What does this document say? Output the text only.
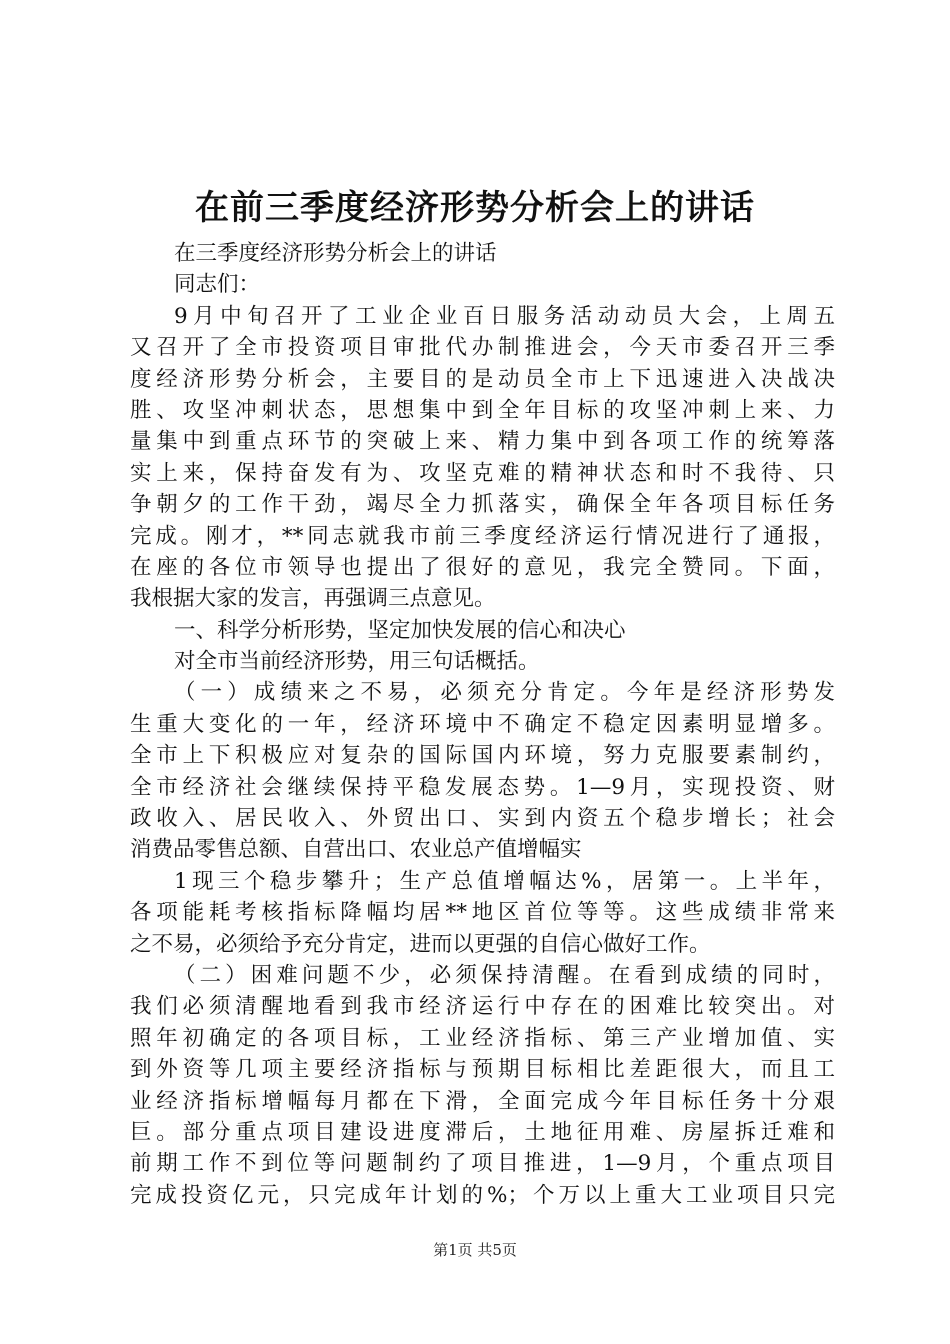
在前三季度经济形势分析会上的讲话
在三季度经济形势分析会上的讲话
同志们：
9月中旬召开了工业企业百日服务活动动员大会，上周五
又召开了全市投资项目审批代办制推进会，今天市委召开三季
度经济形势分析会，主要目的是动员全市上下迅速进入决战决
胜、攻坚冲刺状态，思想集中到全年目标的攻坚冲刺上来、力
量集中到重点环节的突破上来、精力集中到各项工作的统筹落
实上来，保持奋发有为、攻坚克难的精神状态和时不我待、只
争朝夕的工作干劲，竭尽全力抓落实，确保全年各项目标任务
完成。刚才，**同志就我市前三季度经济运行情况进行了通报，
在座的各位市领导也提出了很好的意见，我完全赞同。下面，
我根据大家的发言，再强调三点意见。
一、科学分析形势，坚定加快发展的信心和决心
对全市当前经济形势，用三句话概括。
（一）成绩来之不易，必须充分肯定。今年是经济形势发
生重大变化的一年，经济环境中不确定不稳定因素明显增多。
全市上下积极应对复杂的国际国内环境，努力克服要素制约，
全市经济社会继续保持平稳发展态势。1—9月，实现投资、财
政收入、居民收入、外贸出口、实到内资五个稳步增长；社会
消费品零售总额、自营出口、农业总产值增幅实
1现三个稳步攀升；生产总值增幅达%，居第一。上半年，
各项能耗考核指标降幅均居**地区首位等等。这些成绩非常来
之不易，必须给予充分肯定，进而以更强的自信心做好工作。
（二）困难问题不少，必须保持清醒。在看到成绩的同时，
我们必须清醒地看到我市经济运行中存在的困难比较突出。对
照年初确定的各项目标，工业经济指标、第三产业增加值、实
到外资等几项主要经济指标与预期目标相比差距很大，而且工
业经济指标增幅每月都在下滑，全面完成今年目标任务十分艰
巨。部分重点项目建设进度滞后，土地征用难、房屋拆迁难和
前期工作不到位等问题制约了项目推进，1—9月，个重点项目
完成投资亿元，只完成年计划的%；个万以上重大工业项目只完
第1页 共5页
